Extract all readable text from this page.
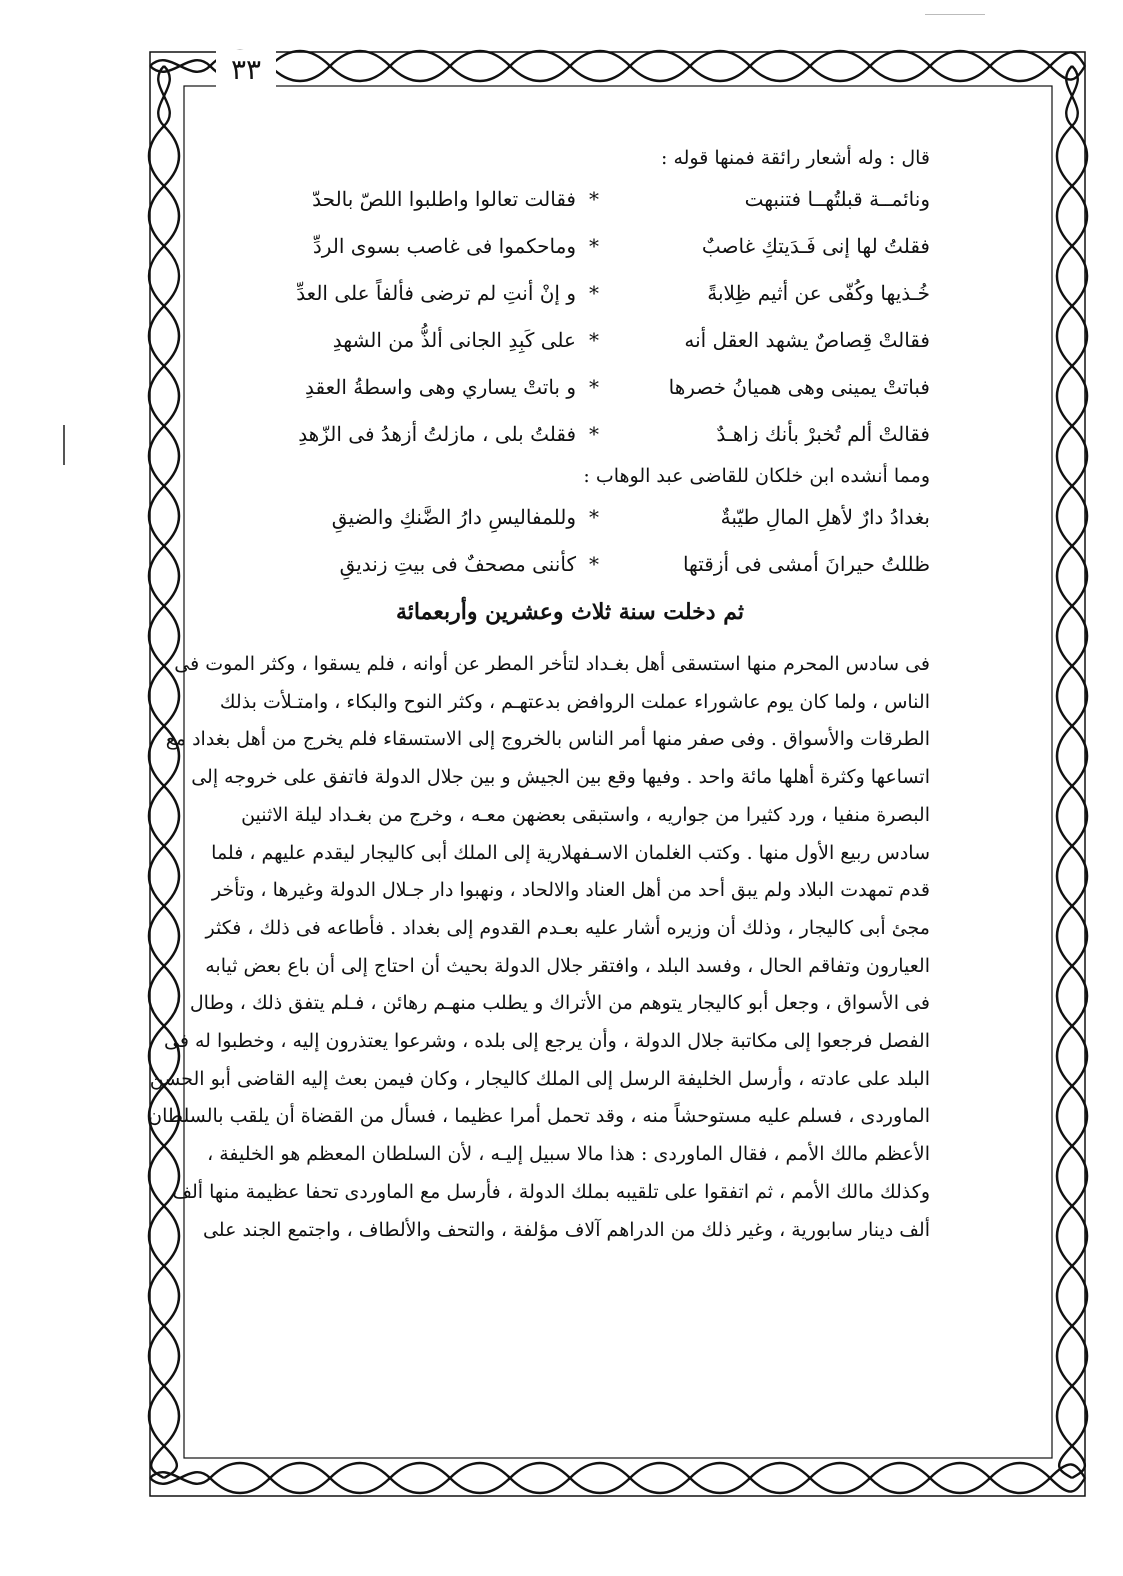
٣٣
قال : وله أشعار رائقة فمنها قوله :
ونائمــة قبلتُهــا فتنبهت
*
فقالت تعالوا واطلبوا اللصّ بالحدّ
فقلتُ لها إنى فَـدَيتكِ غاصبٌ
*
وماحكموا فى غاصب بسوى الردِّ
خُـذيها وكُفّى عن أثيم ظِلابةً
*
و إنْ أنتِ لم ترضى فألفاً على العدِّ
فقالتْ قِصاصٌ يشهد العقل أنه
*
على كَبِدِ الجانى ألذُّ من الشهدِ
فباتتْ يمينى وهى هميانُ خصرها
*
و باتتْ يساري وهى واسطةُ العقدِ
فقالتْ ألم تُخبرْ بأنك زاهـدٌ
*
فقلتُ بلى ، مازلتُ أزهدُ فى الزّهدِ
ومما أنشده ابن خلكان للقاضى عبد الوهاب :
بغدادُ دارٌ لأهلِ المالِ طيّبةٌ
*
وللمفاليسِ دارُ الضَّنكِ والضيقِ
ظللتُ حيرانَ أمشى فى أزقتها
*
كأننى مصحفٌ فى بيتِ زنديقِ
ثم دخلت سنة ثلاث وعشرين وأربعمائة
فى سادس المحرم منها استسقى أهل بغـداد لتأخر المطر عن أوانه ، فلم يسقوا ، وكثر الموت فى
الناس ، ولما كان يوم عاشوراء عملت الروافض بدعتهـم ، وكثر النوح والبكاء ، وامتـلأت بذلك
الطرقات والأسواق . وفى صفر منها أمر الناس بالخروج إلى الاستسقاء فلم يخرج من أهل بغداد مع
اتساعها وكثرة أهلها مائة واحد . وفيها وقع بين الجيش و بين جلال الدولة فاتفق على خروجه إلى
البصرة منفيا ، ورد كثيرا من جواريه ، واستبقى بعضهن معـه ، وخرج من بغـداد ليلة الاثنين
سادس ربيع الأول منها . وكتب الغلمان الاسـفهلارية إلى الملك أبى كاليجار ليقدم عليهم ، فلما
قدم تمهدت البلاد ولم يبق أحد من أهل العناد والالحاد ، ونهبوا دار جـلال الدولة وغيرها ، وتأخر
مجئ أبى كاليجار ، وذلك أن وزيره أشار عليه بعـدم القدوم إلى بغداد . فأطاعه فى ذلك ، فكثر
العيارون وتفاقم الحال ، وفسد البلد ، وافتقر جلال الدولة بحيث أن احتاج إلى أن باع بعض ثيابه
فى الأسواق ، وجعل أبو كاليجار يتوهم من الأتراك و يطلب منهـم رهائن ، فـلم يتفق ذلك ، وطال
الفصل فرجعوا إلى مكاتبة جلال الدولة ، وأن يرجع إلى بلده ، وشرعوا يعتذرون إليه ، وخطبوا له فى
البلد على عادته ، وأرسل الخليفة الرسل إلى الملك كاليجار ، وكان فيمن بعث إليه القاضى أبو الحسن
الماوردى ، فسلم عليه مستوحشاً منه ، وقد تحمل أمرا عظيما ، فسأل من القضاة أن يلقب بالسلطان
الأعظم مالك الأمم ، فقال الماوردى : هذا مالا سبيل إليـه ، لأن السلطان المعظم هو الخليفة ،
وكذلك مالك الأمم ، ثم اتفقوا على تلقيبه بملك الدولة ، فأرسل مع الماوردى تحفا عظيمة منها ألف
ألف دينار سابورية ، وغير ذلك من الدراهم آلاف مؤلفة ، والتحف والألطاف ، واجتمع الجند على
